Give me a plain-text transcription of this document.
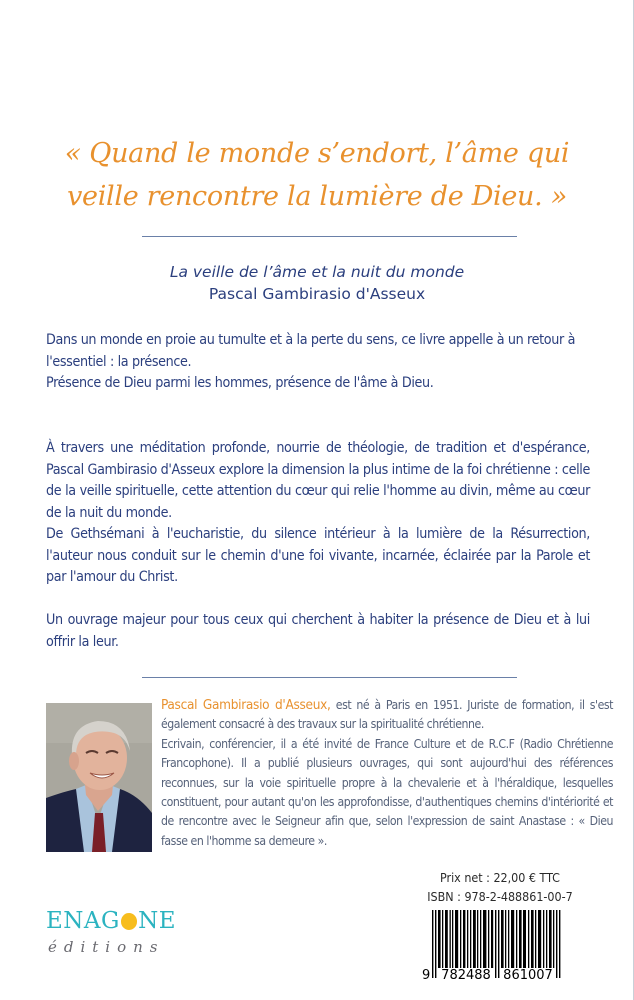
« Quand le monde s’endort, l’âme qui
veille rencontre la lumière de Dieu. »
La veille de l’âme et la nuit du monde
Pascal Gambirasio d'Asseux

Dans un monde en proie au tumulte et à la perte du sens, ce livre appelle à un retour à l'essentiel : la présence.

Présence de Dieu parmi les hommes, présence de l'âme à Dieu.

À travers une méditation profonde, nourrie de théologie, de tradition et d'espérance, Pascal Gambirasio d'Asseux explore la dimension la plus intime de la foi chrétienne : celle de la veille spirituelle, cette attention du cœur qui relie l'homme au divin, même au cœur de la nuit du monde.

De Gethsémani à l'eucharistie, du silence intérieur à la lumière de la Résurrection, l'auteur nous conduit sur le chemin d'une foi vivante, incarnée, éclairée par la Parole et par l'amour du Christ.

Un ouvrage majeur pour tous ceux qui cherchent à habiter la présence de Dieu et à lui offrir la leur.

Pascal Gambirasio d'Asseux, est né à Paris en 1951. Juriste de formation, il s'est également consacré à des travaux sur la spiritualité chrétienne.
Ecrivain, conférencier, il a été invité de France Culture et de R.C.F (Radio Chrétienne Francophone). Il a publié plusieurs ouvrages, qui sont aujourd'hui des références reconnues, sur la voie spirituelle propre à la chevalerie et à l'héraldique, lesquelles constituent, pour autant qu'on les approfondisse, d'authentiques chemins d'intériorité et de rencontre avec le Seigneur afin que, selon l'expression de saint Anastase : « Dieu fasse en l'homme sa demeure ».
ENAG NE
éditions
Prix net : 22,00 € TTC
ISBN : 978-2-488861-00-7
9 782488 861007
